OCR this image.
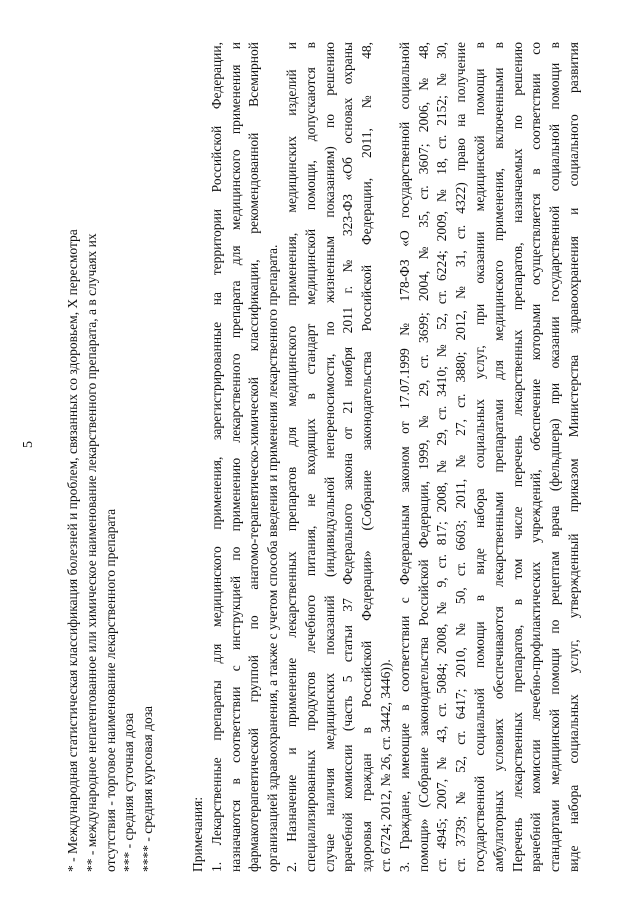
5 * - Международная статистическая классификация болезней и проблем, связанных со здоровьем, X пересмотра ** - международное непатентованное или химическое наименование лекарственного препарата, а в случаях их отсутствия - торговое наименование лекарственного препарата *** - средняя суточная доза **** - средняя курсовая доза	Примечания: 1. Лекарственные препараты для медицинского применения, зарегистрированные на территории Российской Федерации, назначаются в соответствии с инструкцией по применению лекарственного препарата для медицинского применения и фармакотерапевтической группой по анатомо-терапевтическо-химической классификации, рекомендованной Всемирной организацией здравоохранения, а также с учетом способа введения и применения лекарственного препарата. 2. Назначение и применение лекарственных препаратов для медицинского применения, медицинских изделий и специализированных продуктов лечебного питания, не входящих в стандарт медицинской помощи, допускаются в случае наличия медицинских показаний (индивидуальной непереносимости, по жизненным показаниям) по решению врачебной комиссии (часть 5 статьи 37 Федерального закона от 21 ноября 2011 г. № 323-ФЗ «Об основах охраны здоровья граждан в Российской Федерации» (Собрание законодательства Российской Федерации, 2011, № 48, ст. 6724; 2012, № 26, ст. 3442, 3446)). 3. Граждане, имеющие в соответствии с Федеральным законом от 17.07.1999 № 178-ФЗ «О государственной социальной помощи» (Собрание законодательства Российской Федерации, 1999, № 29, ст. 3699; 2004, № 35, ст. 3607; 2006, № 48, ст. 4945; 2007, № 43, ст. 5084; 2008, № 9, ст. 817; 2008, № 29, ст. 3410; № 52, ст. 6224; 2009, № 18, ст. 2152; № 30, ст. 3739; № 52, ст. 6417; 2010, № 50, ст. 6603; 2011, № 27, ст. 3880; 2012, № 31, ст. 4322) право на получение государственной социальной помощи в виде набора социальных услуг, при оказании медицинской помощи в амбулаторных условиях обеспечиваются лекарственными препаратами для медицинского применения, включенными в Перечень лекарственных препаратов, в том числе перечень лекарственных препаратов, назначаемых по решению врачебной комиссии лечебно-профилактических учреждений, обеспечение которыми осуществляется в соответствии со стандартами медицинской помощи по рецептам врача (фельдшера) при оказании государственной социальной помощи в виде набора социальных услуг, утвержденный приказом Министерства здравоохранения и социального развития
